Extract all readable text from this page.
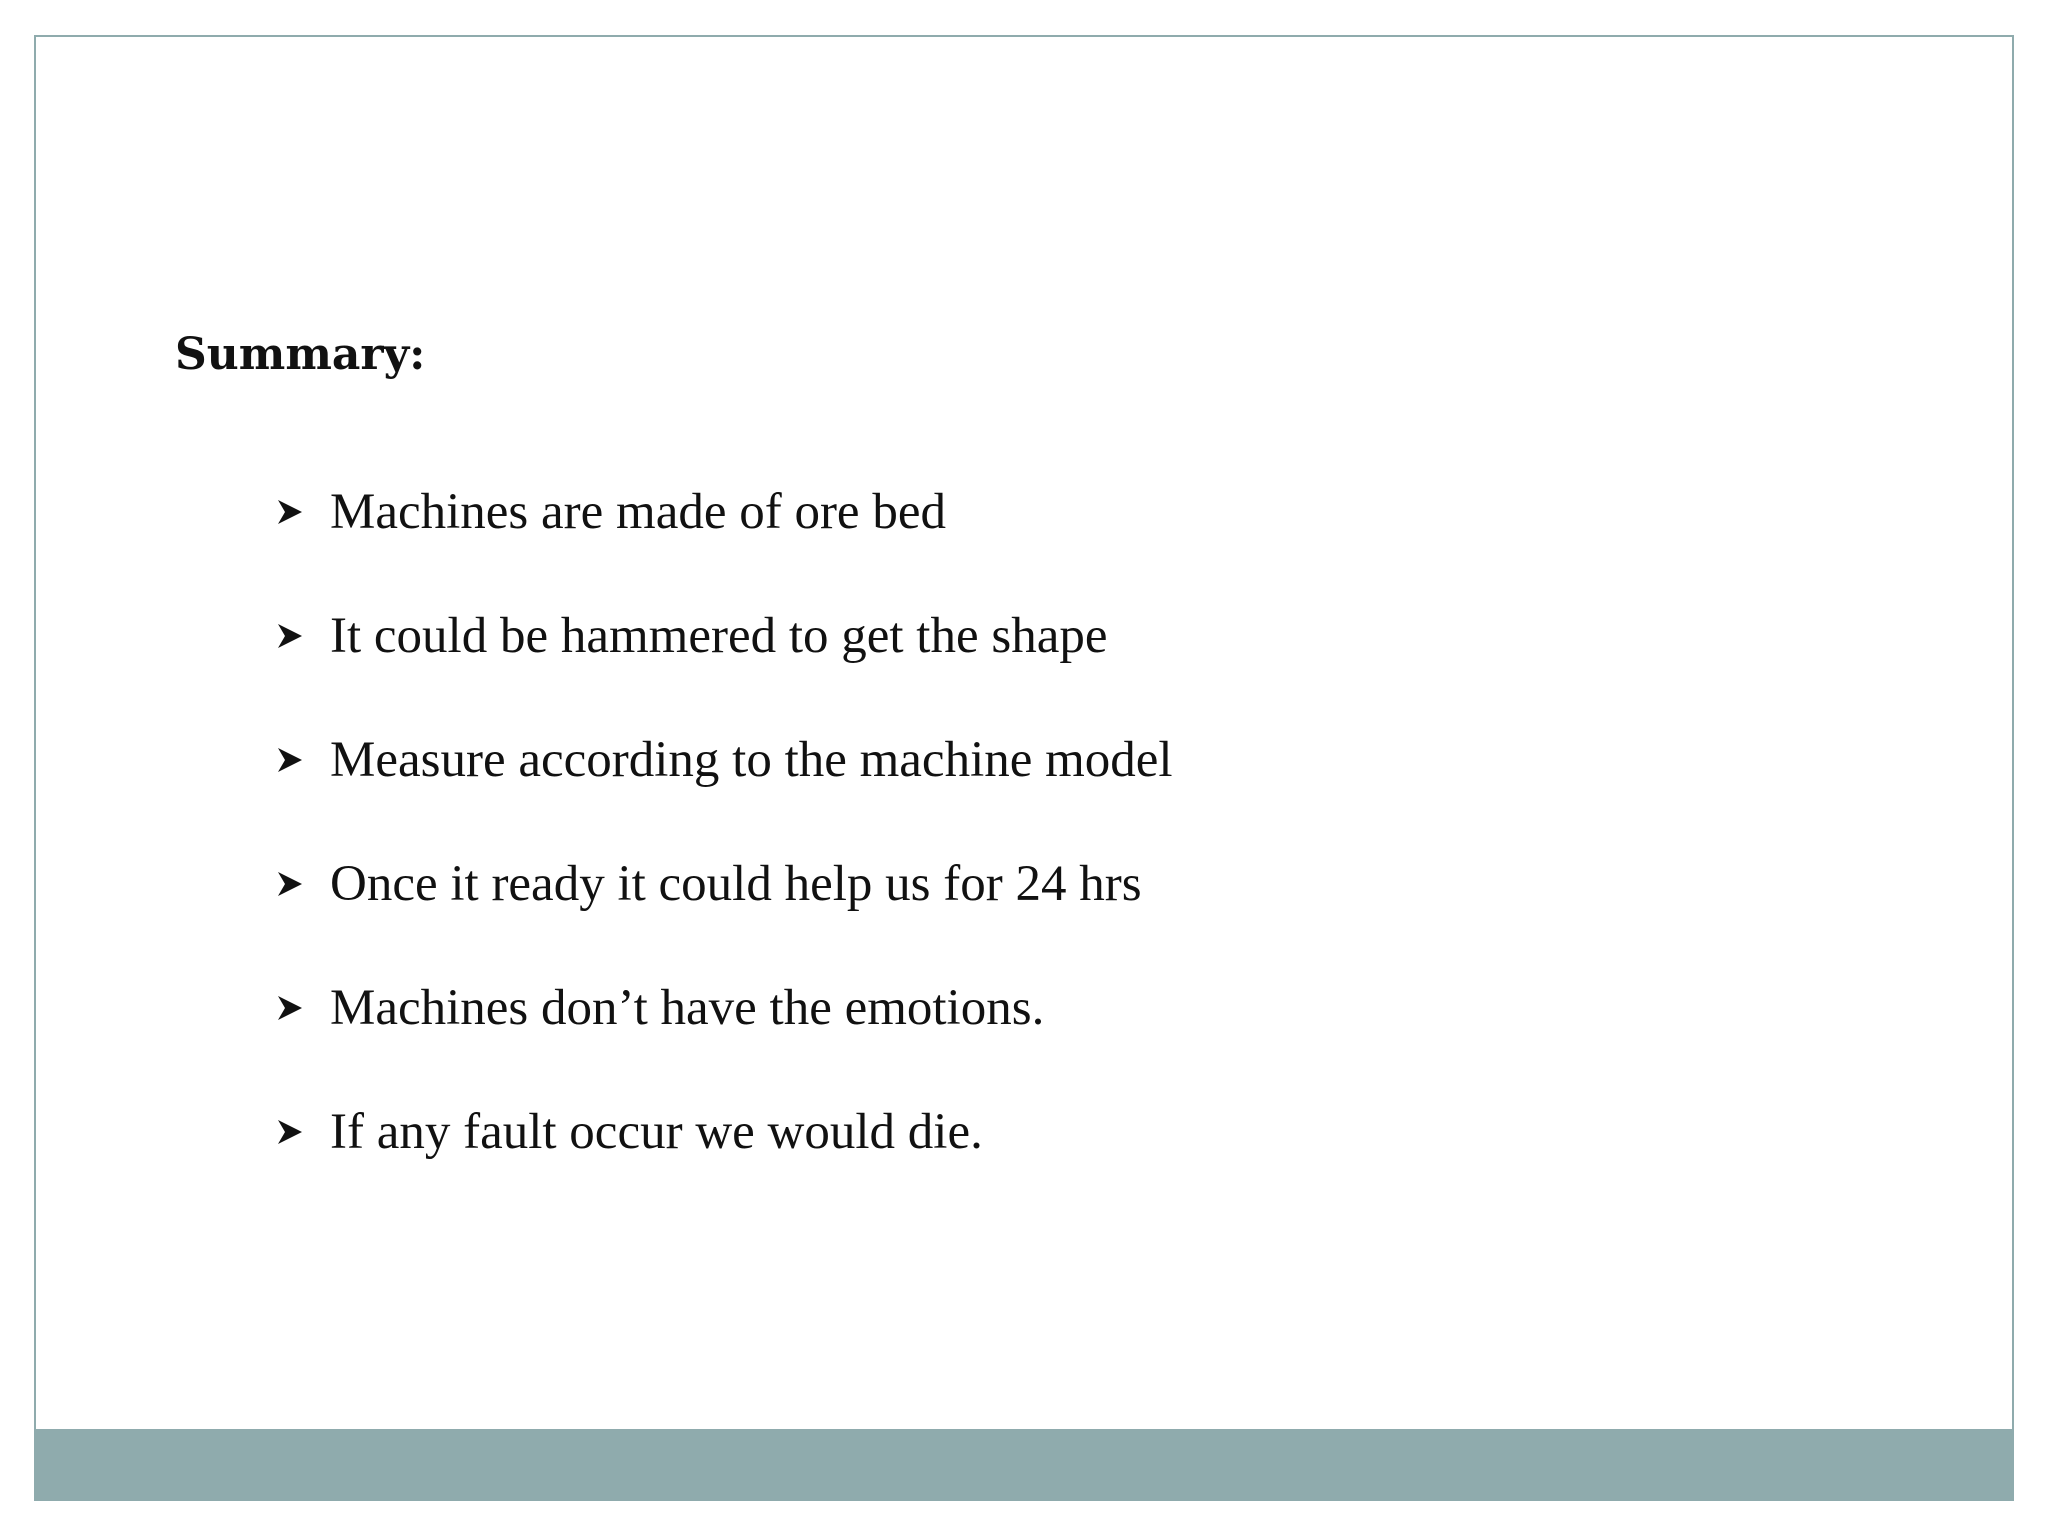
Summary:
Machines are made of ore bed
It could be hammered to get the shape
Measure according to the machine model
Once it ready it could help us for 24 hrs
Machines don’t have the emotions.
If any fault occur we would die.
